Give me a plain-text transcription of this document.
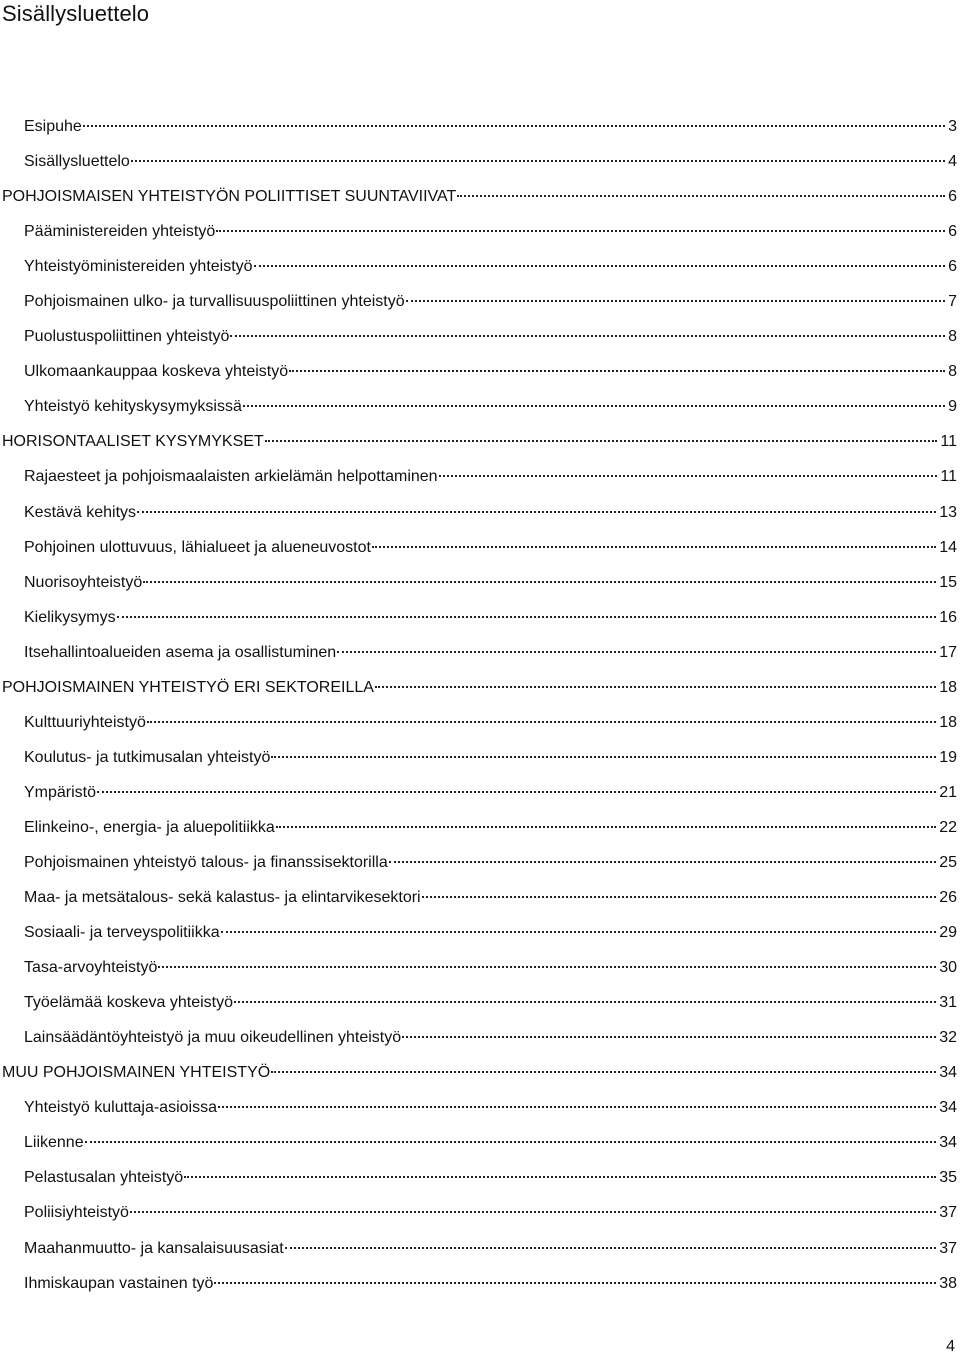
Sisällysluettelo
Esipuhe	3
Sisällysluettelo	4
POHJOISMAISEN YHTEISTYÖN POLIITTISET SUUNTAVIIVAT	6
Pääministereiden yhteistyö	6
Yhteistyöministereiden yhteistyö	6
Pohjoismainen ulko- ja turvallisuuspoliittinen yhteistyö	7
Puolustuspoliittinen yhteistyö	8
Ulkomaankauppaa koskeva yhteistyö	8
Yhteistyö kehityskysymyksissä	9
HORISONTAALISET KYSYMYKSET	11
Rajaesteet ja pohjoismaalaisten arkielämän helpottaminen	11
Kestävä kehitys	13
Pohjoinen ulottuvuus, lähialueet ja alueneuvostot	14
Nuorisoyhteistyö	15
Kielikysymys	16
Itsehallintoalueiden asema ja osallistuminen	17
POHJOISMAINEN YHTEISTYÖ ERI SEKTOREILLA	18
Kulttuuriyhteistyö	18
Koulutus- ja tutkimusalan yhteistyö	19
Ympäristö	21
Elinkeino-, energia- ja aluepolitiikka	22
Pohjoismainen yhteistyö talous- ja finanssisektorilla	25
Maa- ja metsätalous- sekä kalastus- ja elintarvikesektori	26
Sosiaali- ja terveyspolitiikka	29
Tasa-arvoyhteistyö	30
Työelämää koskeva yhteistyö	31
Lainsäädäntöyhteistyö ja muu oikeudellinen yhteistyö	32
MUU POHJOISMAINEN YHTEISTYÖ	34
Yhteistyö kuluttaja-asioissa	34
Liikenne	34
Pelastusalan yhteistyö	35
Poliisiyhteistyö	37
Maahanmuutto- ja kansalaisuusasiat	37
Ihmiskaupan vastainen työ	38
4
